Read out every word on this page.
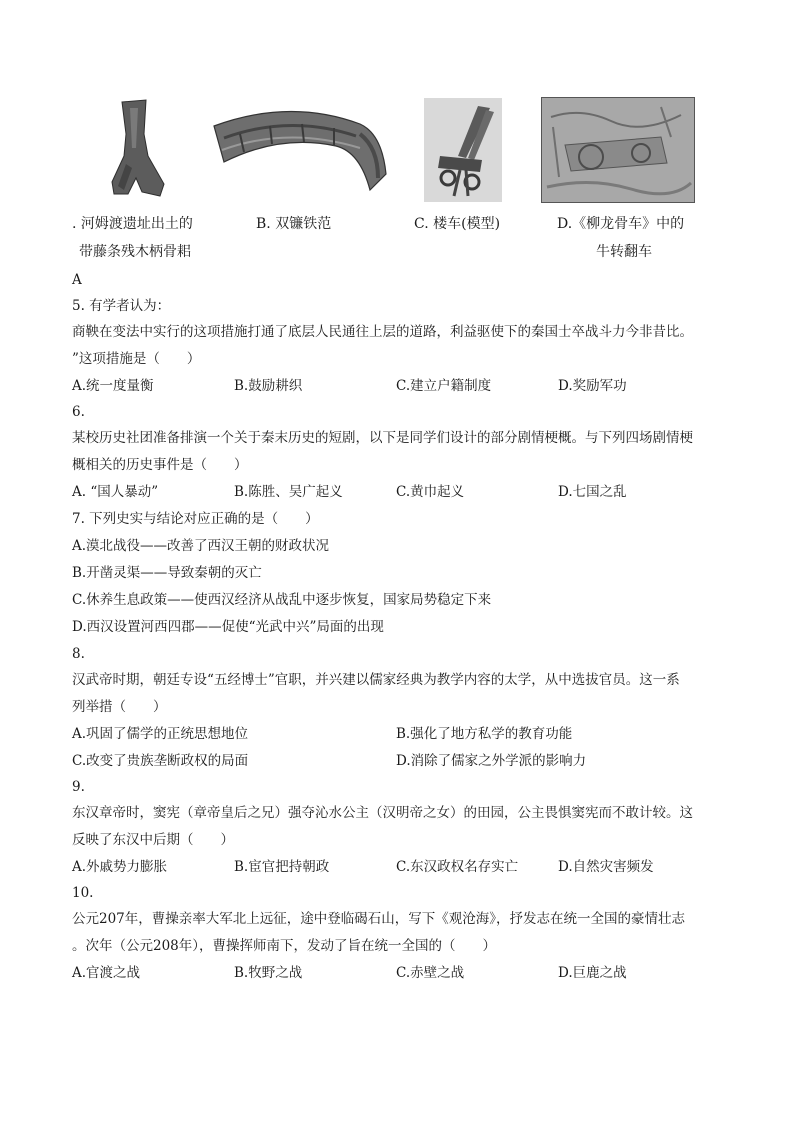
. 河姆渡遗址出土的
带藤条残木柄骨耜
B. 双镰铁范	C. 楼车(模型)	D.《柳龙骨车》中的
牛转翻车
A
5. 有学者认为：
商鞅在变法中实行的这项措施打通了底层人民通往上层的道路，利益驱使下的秦国士卒战斗力今非昔比。
”这项措施是（　　）
A.统一度量衡	B.鼓励耕织	C.建立户籍制度	D.奖励军功
6.
某校历史社团准备排演一个关于秦末历史的短剧，以下是同学们设计的部分剧情梗概。与下列四场剧情梗
概相关的历史事件是（　　）
A. “国人暴动”	B.陈胜、吴广起义	C.黄巾起义	D.七国之乱
7. 下列史实与结论对应正确的是（　　）
A.漠北战役——改善了西汉王朝的财政状况
B.开凿灵渠——导致秦朝的灭亡
C.休养生息政策——使西汉经济从战乱中逐步恢复，国家局势稳定下来
D.西汉设置河西四郡——促使“光武中兴”局面的出现
8.
汉武帝时期，朝廷专设“五经博士”官职，并兴建以儒家经典为教学内容的太学，从中选拔官员。这一系
列举措（　　）
A.巩固了儒学的正统思想地位	B.强化了地方私学的教育功能
C.改变了贵族垄断政权的局面	D.消除了儒家之外学派的影响力
9.
东汉章帝时，窦宪（章帝皇后之兄）强夺沁水公主（汉明帝之女）的田园，公主畏惧窦宪而不敢计较。这
反映了东汉中后期（　　）
A.外戚势力膨胀	B.宦官把持朝政	C.东汉政权名存实亡	D.自然灾害频发
10.
公元207年，曹操亲率大军北上远征，途中登临碣石山，写下《观沧海》，抒发志在统一全国的豪情壮志
。次年（公元208年），曹操挥师南下，发动了旨在统一全国的（　　）
A.官渡之战	B.牧野之战	C.赤壁之战	D.巨鹿之战
